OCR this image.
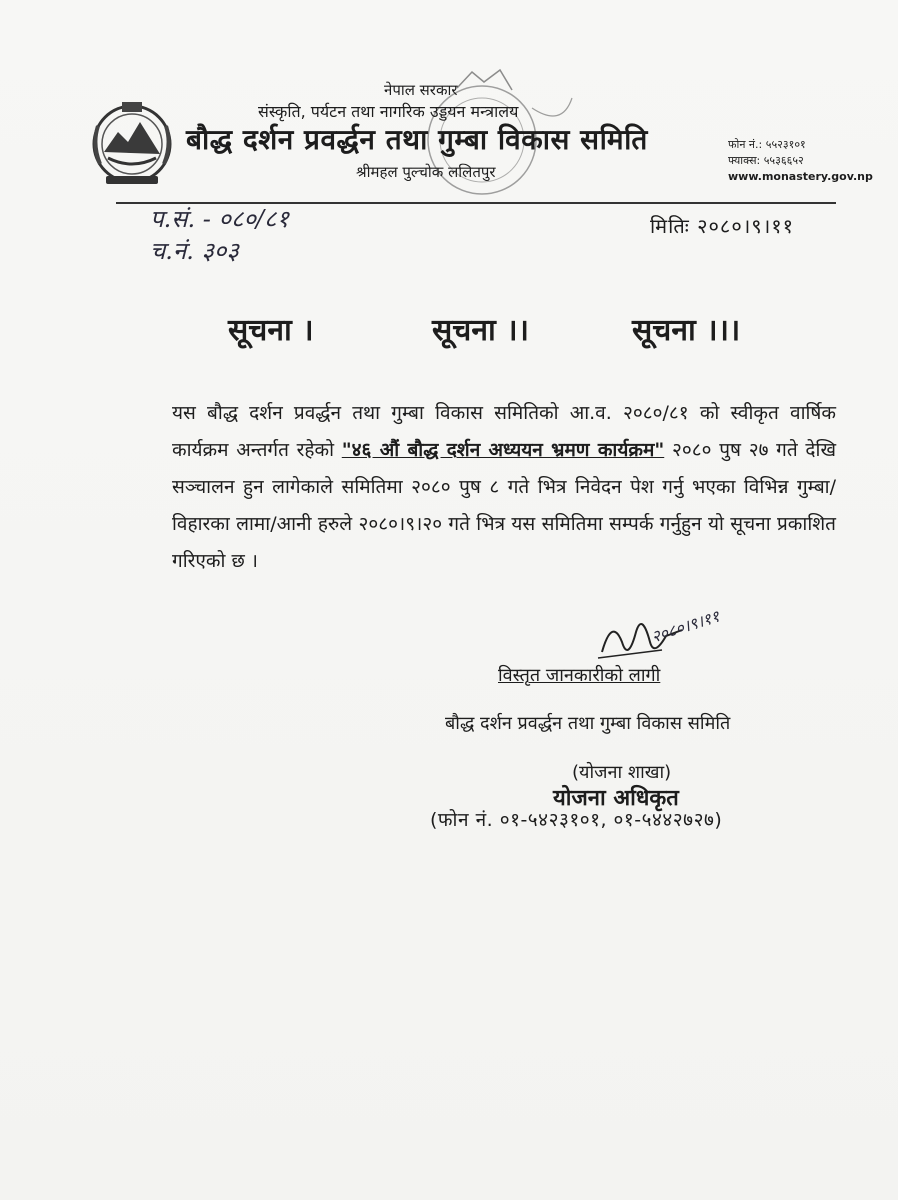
नेपाल सरकार
संस्कृति, पर्यटन तथा नागरिक उड्डयन मन्त्रालय
बौद्ध दर्शन प्रवर्द्धन तथा गुम्बा विकास समिति
श्रीमहल पुल्चोक ललितपुर
फोन नं.: ५५२३१०१
फ्याक्स: ५५३६६५२
www.monastery.gov.np
प.सं. - ०८०/८१
च.नं. ३०३
मितिः २०८०।९।११
सूचना ।	सूचना ।।	सूचना ।।।
यस बौद्ध दर्शन प्रवर्द्धन तथा गुम्बा विकास समितिको आ.व. २०८०/८१ को स्वीकृत वार्षिक कार्यक्रम अन्तर्गत रहेको "४६ औं बौद्ध दर्शन अध्ययन भ्रमण कार्यक्रम" २०८० पुष २७ गते देखि सञ्चालन हुन लागेकाले समितिमा २०८० पुष ८ गते भित्र निवेदन पेश गर्नु भएका विभिन्न गुम्बा/विहारका लामा/आनी हरुले २०८०।९।२० गते भित्र यस समितिमा सम्पर्क गर्नुहुन यो सूचना प्रकाशित गरिएको छ ।
२०८०।९।११
विस्तृत जानकारीको लागी
बौद्ध दर्शन प्रवर्द्धन तथा गुम्बा विकास समिति
(योजना शाखा)
योजना अधिकृत
(फोन नं. ०१-५४२३१०१, ०१-५४४२७२७)
